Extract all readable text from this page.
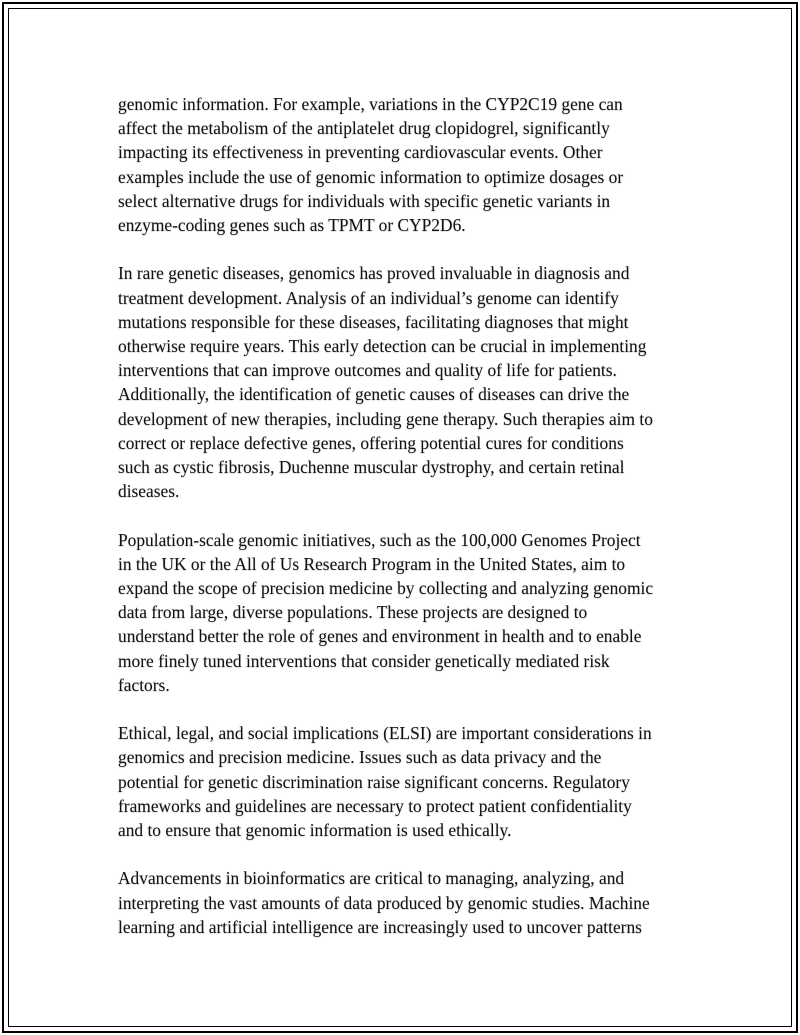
genomic information. For example, variations in the CYP2C19 gene can
affect the metabolism of the antiplatelet drug clopidogrel, significantly
impacting its effectiveness in preventing cardiovascular events. Other
examples include the use of genomic information to optimize dosages or
select alternative drugs for individuals with specific genetic variants in
enzyme-coding genes such as TPMT or CYP2D6.

In rare genetic diseases, genomics has proved invaluable in diagnosis and
treatment development. Analysis of an individual’s genome can identify
mutations responsible for these diseases, facilitating diagnoses that might
otherwise require years. This early detection can be crucial in implementing
interventions that can improve outcomes and quality of life for patients.
Additionally, the identification of genetic causes of diseases can drive the
development of new therapies, including gene therapy. Such therapies aim to
correct or replace defective genes, offering potential cures for conditions
such as cystic fibrosis, Duchenne muscular dystrophy, and certain retinal
diseases.

Population-scale genomic initiatives, such as the 100,000 Genomes Project
in the UK or the All of Us Research Program in the United States, aim to
expand the scope of precision medicine by collecting and analyzing genomic
data from large, diverse populations. These projects are designed to
understand better the role of genes and environment in health and to enable
more finely tuned interventions that consider genetically mediated risk
factors.

Ethical, legal, and social implications (ELSI) are important considerations in
genomics and precision medicine. Issues such as data privacy and the
potential for genetic discrimination raise significant concerns. Regulatory
frameworks and guidelines are necessary to protect patient confidentiality
and to ensure that genomic information is used ethically.

Advancements in bioinformatics are critical to managing, analyzing, and
interpreting the vast amounts of data produced by genomic studies. Machine
learning and artificial intelligence are increasingly used to uncover patterns
